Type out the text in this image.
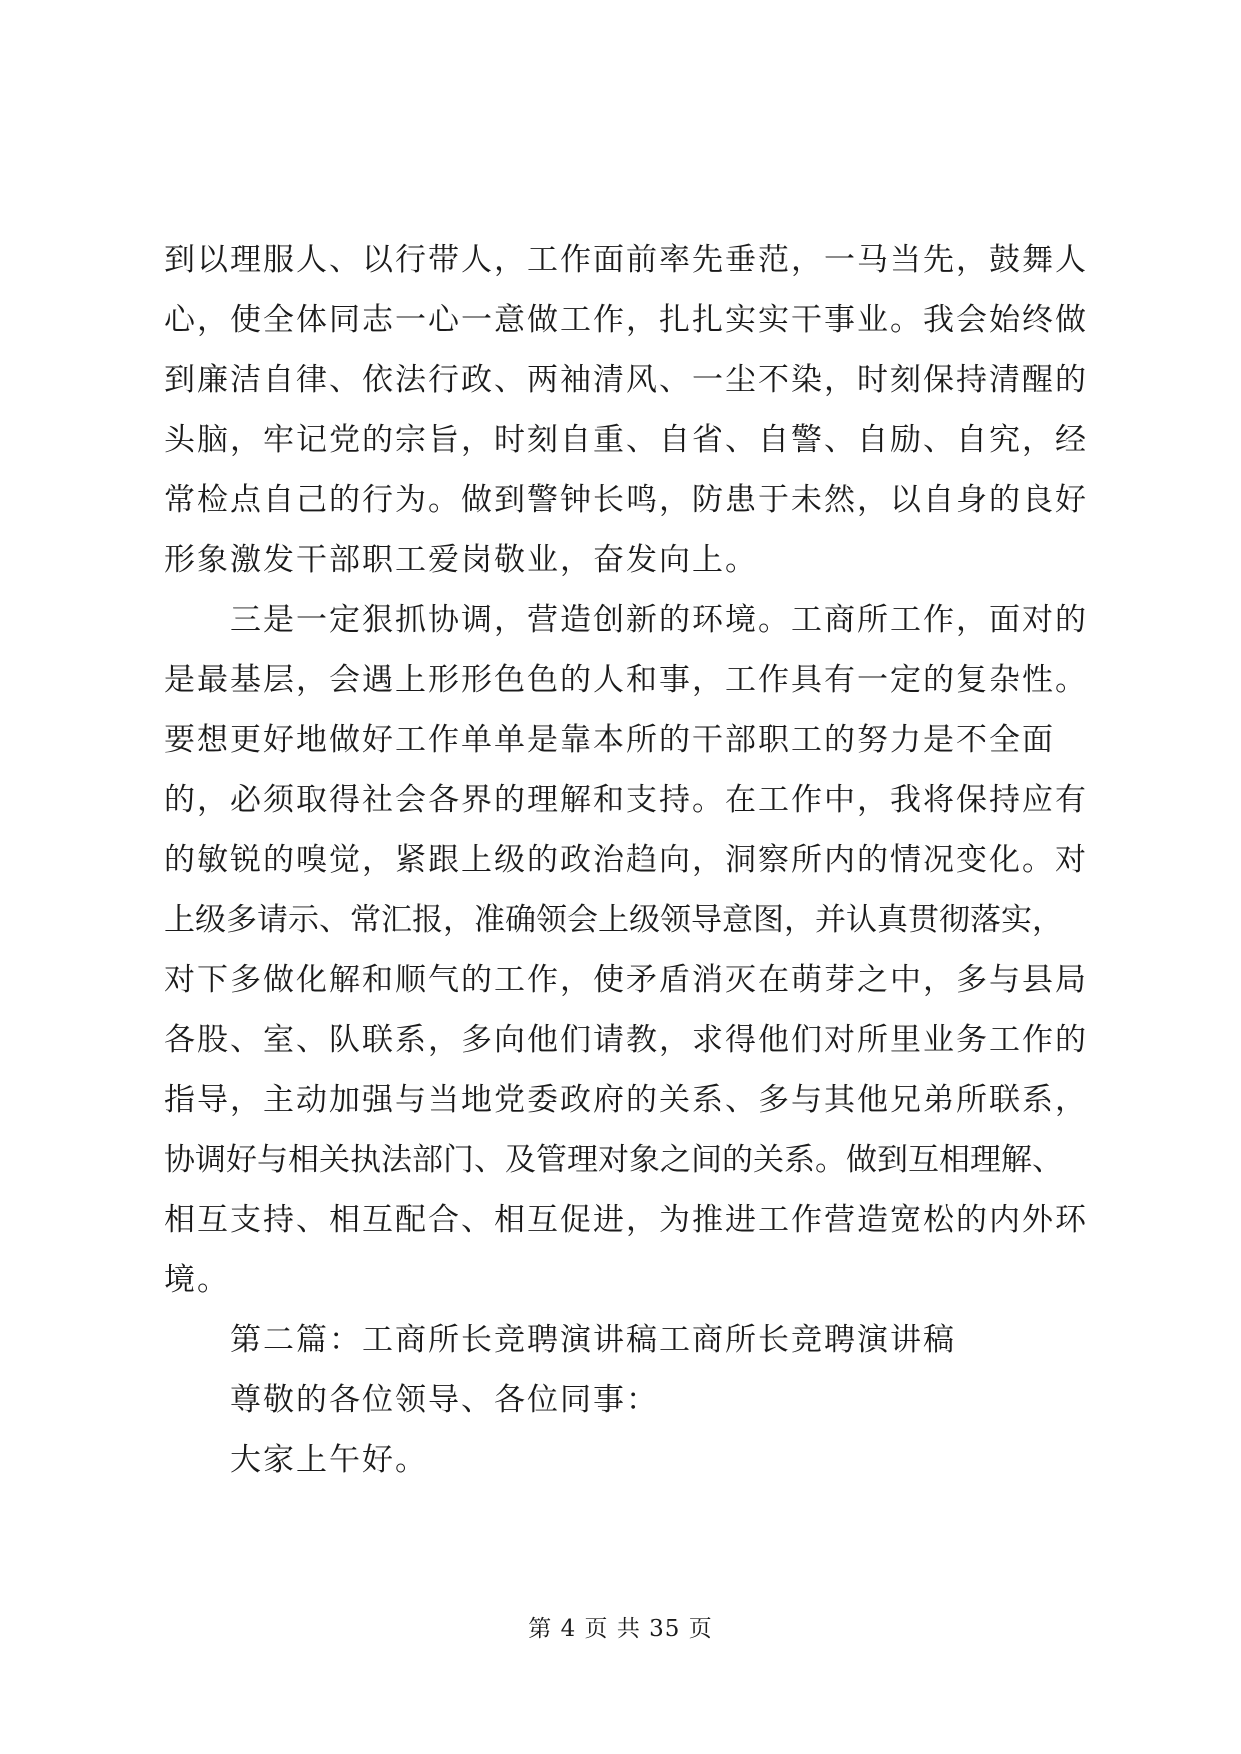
到以理服人、以行带人，工作面前率先垂范，一马当先，鼓舞人
心，使全体同志一心一意做工作，扎扎实实干事业。我会始终做
到廉洁自律、依法行政、两袖清风、一尘不染，时刻保持清醒的
头脑，牢记党的宗旨，时刻自重、自省、自警、自励、自究，经
常检点自己的行为。做到警钟长鸣，防患于未然，以自身的良好
形象激发干部职工爱岗敬业，奋发向上。
三是一定狠抓协调，营造创新的环境。工商所工作，面对的
是最基层，会遇上形形色色的人和事，工作具有一定的复杂性。
要想更好地做好工作单单是靠本所的干部职工的努力是不全面
的，必须取得社会各界的理解和支持。在工作中，我将保持应有
的敏锐的嗅觉，紧跟上级的政治趋向，洞察所内的情况变化。对
上级多请示、常汇报，准确领会上级领导意图，并认真贯彻落实，
对下多做化解和顺气的工作，使矛盾消灭在萌芽之中，多与县局
各股、室、队联系，多向他们请教，求得他们对所里业务工作的
指导，主动加强与当地党委政府的关系、多与其他兄弟所联系，
协调好与相关执法部门、及管理对象之间的关系。做到互相理解、
相互支持、相互配合、相互促进，为推进工作营造宽松的内外环
境。
第二篇：工商所长竞聘演讲稿工商所长竞聘演讲稿
尊敬的各位领导、各位同事：
大家上午好。
第 4 页 共 35 页
